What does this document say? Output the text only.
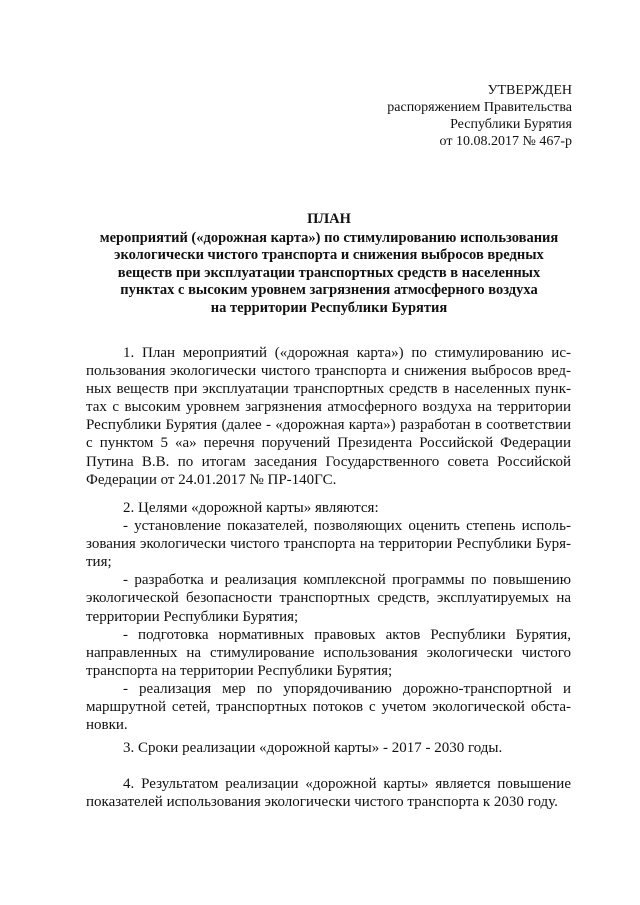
УТВЕРЖДЕН
распоряжением Правительства
Республики Бурятия
от 10.08.2017 № 467-р
ПЛАН
мероприятий («дорожная карта») по стимулированию использования
экологически чистого транспорта и снижения выбросов вредных
веществ при эксплуатации транспортных средств в населенных
пунктах с высоким уровнем загрязнения атмосферного воздуха
на территории Республики Бурятия
1. План мероприятий («дорожная карта») по стимулированию ис-
пользования экологически чистого транспорта и снижения выбросов вред-
ных веществ при эксплуатации транспортных средств в населенных пунк-
тах с высоким уровнем загрязнения атмосферного воздуха на территории
Республики Бурятия (далее - «дорожная карта») разработан в соответствии
с пунктом 5 «а» перечня поручений Президента Российской Федерации
Путина В.В. по итогам заседания Государственного совета Российской
Федерации от 24.01.2017 № ПР-140ГС.
2. Целями «дорожной карты» являются:
- установление показателей, позволяющих оценить степень исполь-
зования экологически чистого транспорта на территории Республики Буря-
тия;
- разработка и реализация комплексной программы по повышению
экологической безопасности транспортных средств, эксплуатируемых на
территории Республики Бурятия;
- подготовка нормативных правовых актов Республики Бурятия,
направленных на стимулирование использования экологически чистого
транспорта на территории Республики Бурятия;
- реализация мер по упорядочиванию дорожно-транспортной и
маршрутной сетей, транспортных потоков с учетом экологической обста-
новки.
3. Сроки реализации «дорожной карты» - 2017 - 2030 годы.
4. Результатом реализации «дорожной карты» является повышение
показателей использования экологически чистого транспорта к 2030 году.
